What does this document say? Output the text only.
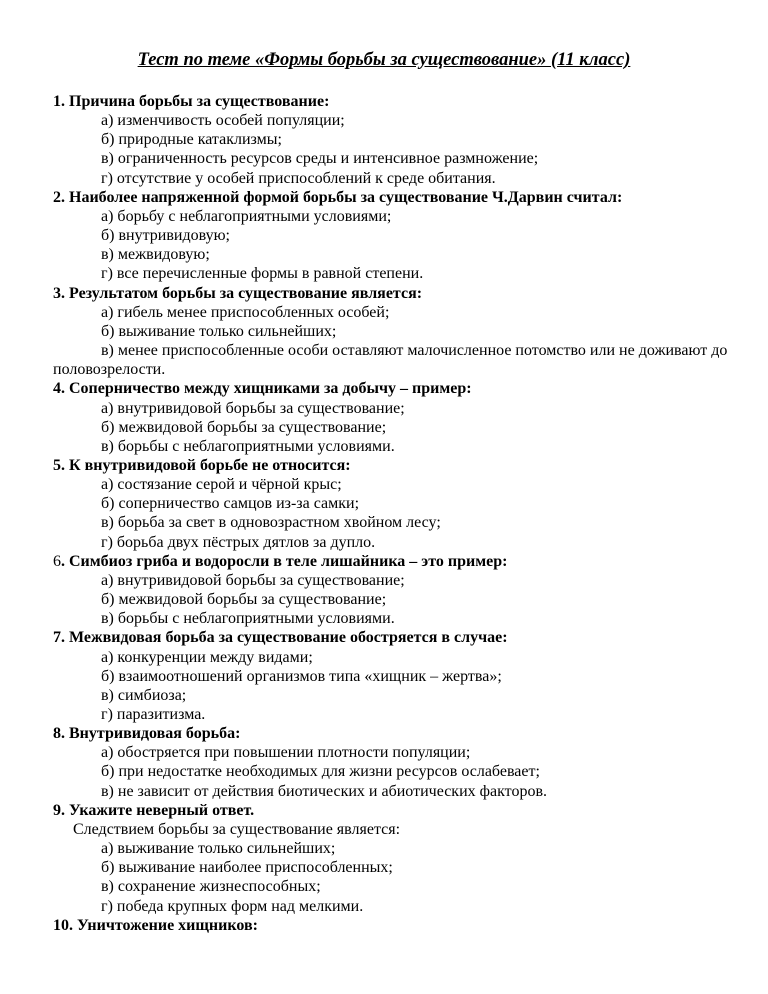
Тест по теме «Формы борьбы за существование» (11 класс)

1. Причина борьбы за существование:

а) изменчивость особей популяции;

б) природные катаклизмы;

в) ограниченность ресурсов среды и интенсивное размножение;

г) отсутствие у особей приспособлений к среде обитания.

2. Наиболее напряженной формой борьбы за существование Ч.Дарвин считал:

а) борьбу с неблагоприятными условиями;

б) внутривидовую;

в) межвидовую;

г) все перечисленные формы в равной степени.

3. Результатом борьбы за существование является:

а) гибель менее приспособленных особей;

б) выживание только сильнейших;

в) менее приспособленные особи оставляют малочисленное потомство или не доживают до половозрелости.

4. Соперничество между хищниками за добычу – пример:

а) внутривидовой борьбы за существование;

б) межвидовой борьбы за существование;

в) борьбы с неблагоприятными условиями.

5. К внутривидовой борьбе не относится:

а) состязание серой и чёрной крыс;

б) соперничество самцов из-за самки;

в) борьба за свет в одновозрастном хвойном лесу;

г) борьба двух пёстрых дятлов за дупло.

6. Симбиоз гриба и водоросли в теле лишайника – это пример:

а) внутривидовой борьбы за существование;

б) межвидовой борьбы за существование;

в) борьбы с неблагоприятными условиями.

7. Межвидовая борьба за существование обостряется в случае:

а) конкуренции между видами;

б) взаимоотношений организмов типа «хищник – жертва»;

в) симбиоза;

г) паразитизма.

8. Внутривидовая борьба:

а) обостряется при повышении плотности популяции;

б) при недостатке необходимых для жизни ресурсов ослабевает;

в) не зависит от действия биотических и абиотических факторов.

9. Укажите неверный ответ.

Следствием борьбы за существование является:

а) выживание только сильнейших;

б) выживание наиболее приспособленных;

в) сохранение жизнеспособных;

г) победа крупных форм над мелкими.

10. Уничтожение хищников:
